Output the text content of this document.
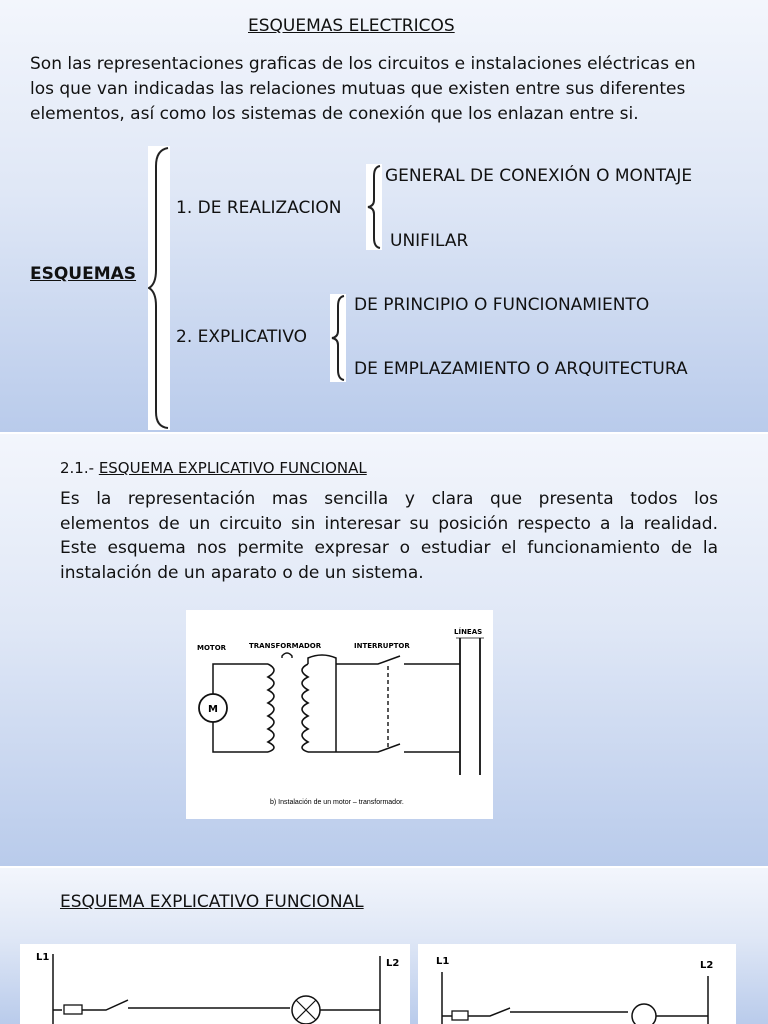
ESQUEMAS ELECTRICOS
Son las representaciones graficas de los circuitos e instalaciones eléctricas en
los que van indicadas las relaciones mutuas que existen entre sus diferentes
elementos, así como los sistemas de conexión que los enlazan entre si.
ESQUEMAS
1. DE REALIZACION
GENERAL DE CONEXIÓN O MONTAJE
UNIFILAR
2. EXPLICATIVO
DE PRINCIPIO O FUNCIONAMIENTO
DE EMPLAZAMIENTO O ARQUITECTURA
2.1.- ESQUEMA EXPLICATIVO FUNCIONAL
Es la representación mas sencilla y clara que presenta todos los
elementos de un circuito sin interesar su posición respecto a la realidad.
Este esquema nos permite expresar o estudiar el funcionamiento de la
instalación de un aparato o de un sistema.
MOTOR	TRANSFORMADOR	INTERRUPTOR
LÍNEAS
M
b) Instalación de un motor – transformador.
ESQUEMA EXPLICATIVO FUNCIONAL
L1
L2	L1	L2
